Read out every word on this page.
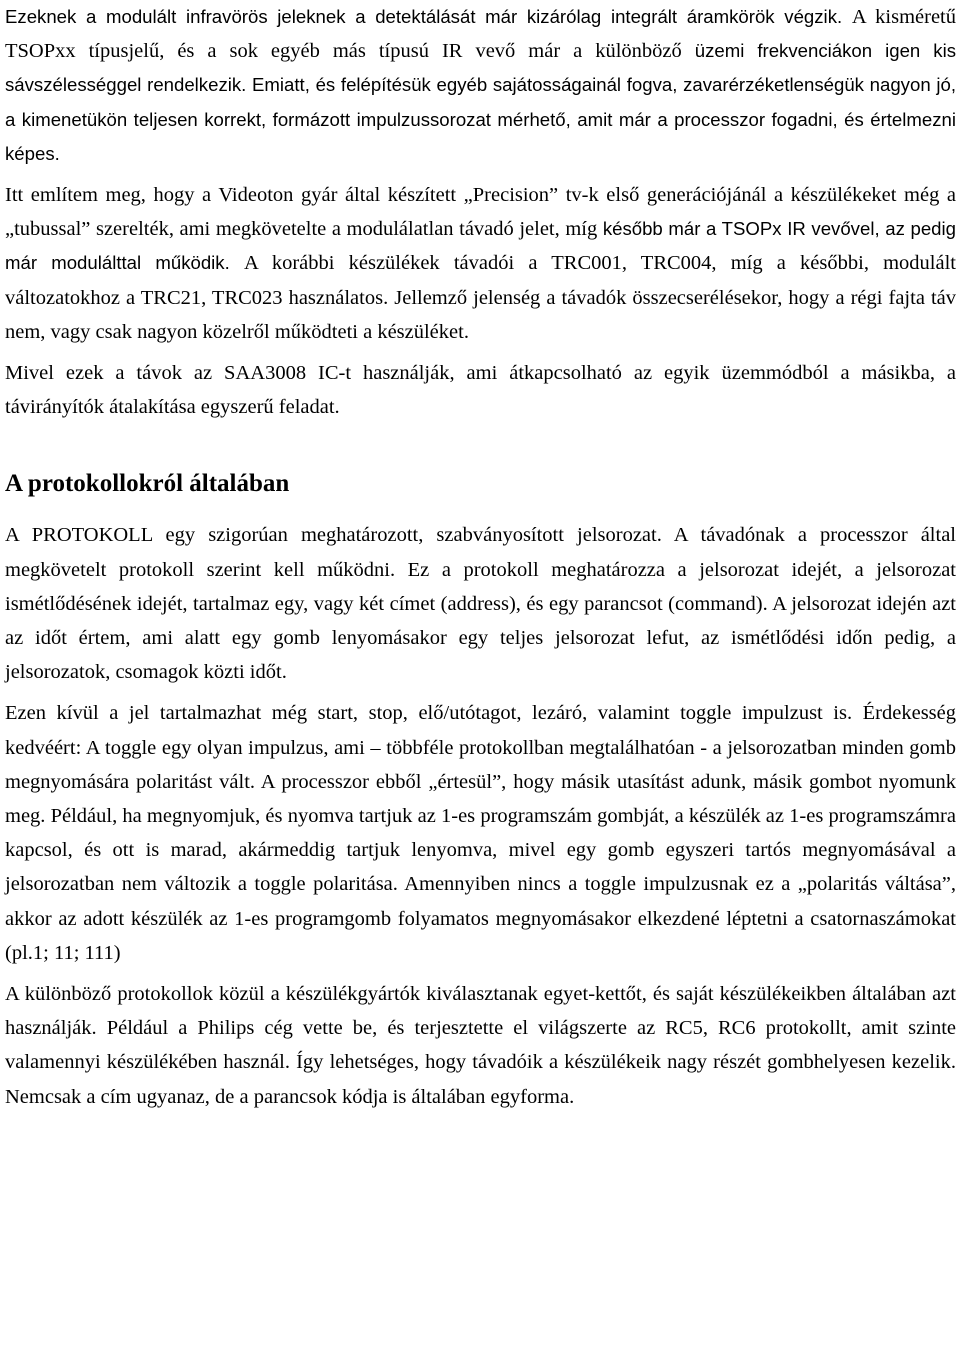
Ezeknek a modulált infravörös jeleknek a detektálását már kizárólag integrált áramkörök végzik. A kisméretű TSOPxx típusjelű, és a sok egyéb más típusú IR vevő már a különböző üzemi frekvenciákon igen kis sávszélességgel rendelkezik. Emiatt, és felépítésük egyéb sajátosságainál fogva, zavarérzéketlenségük nagyon jó, a kimenetükön teljesen korrekt, formázott impulzussorozat mérhető, amit már a processzor fogadni, és értelmezni képes.

Itt említem meg, hogy a Videoton gyár által készített „Precision” tv-k első generációjánál a készülékeket még a „tubussal” szerelték, ami megkövetelte a modulálatlan távadó jelet, míg később már a TSOPx IR vevővel, az pedig már modulálttal működik. A korábbi készülékek távadói a TRC001, TRC004, míg a későbbi, modulált változatokhoz a TRC21, TRC023 használatos. Jellemző jelenség a távadók összecserélésekor, hogy a régi fajta táv nem, vagy csak nagyon közelről működteti a készüléket.

Mivel ezek a távok az SAA3008 IC-t használják, ami átkapcsolható az egyik üzemmódból a másikba, a távirányítók átalakítása egyszerű feladat.

A protokollokról általában

A PROTOKOLL egy szigorúan meghatározott, szabványosított jelsorozat. A távadónak a processzor által megkövetelt protokoll szerint kell működni. Ez a protokoll meghatározza a jelsorozat idejét, a jelsorozat ismétlődésének idejét, tartalmaz egy, vagy két címet (address), és egy parancsot (command). A jelsorozat idején azt az időt értem, ami alatt egy gomb lenyomásakor egy teljes jelsorozat lefut, az ismétlődési időn pedig, a jelsorozatok, csomagok közti időt.

Ezen kívül a jel tartalmazhat még start, stop, elő/utótagot, lezáró, valamint toggle impulzust is. Érdekesség kedvéért: A toggle egy olyan impulzus, ami – többféle protokollban megtalálhatóan - a jelsorozatban minden gomb megnyomására polaritást vált. A processzor ebből „értesül”, hogy másik utasítást adunk, másik gombot nyomunk meg. Például, ha megnyomjuk, és nyomva tartjuk az 1-es programszám gombját, a készülék az 1-es programszámra kapcsol, és ott is marad, akármeddig tartjuk lenyomva, mivel egy gomb egyszeri tartós megnyomásával a jelsorozatban nem változik a toggle polaritása. Amennyiben nincs a toggle impulzusnak ez a „polaritás váltása”, akkor az adott készülék az 1-es programgomb folyamatos megnyomásakor elkezdené léptetni a csatornaszámokat (pl.1; 11; 111)

A különböző protokollok közül a készülékgyártók kiválasztanak egyet-kettőt, és saját készülékeikben általában azt használják. Például a Philips cég vette be, és terjesztette el világszerte az RC5, RC6 protokollt, amit szinte valamennyi készülékében használ. Így lehetséges, hogy távadóik a készülékeik nagy részét gombhelyesen kezelik. Nemcsak a cím ugyanaz, de a parancsok kódja is általában egyforma.
